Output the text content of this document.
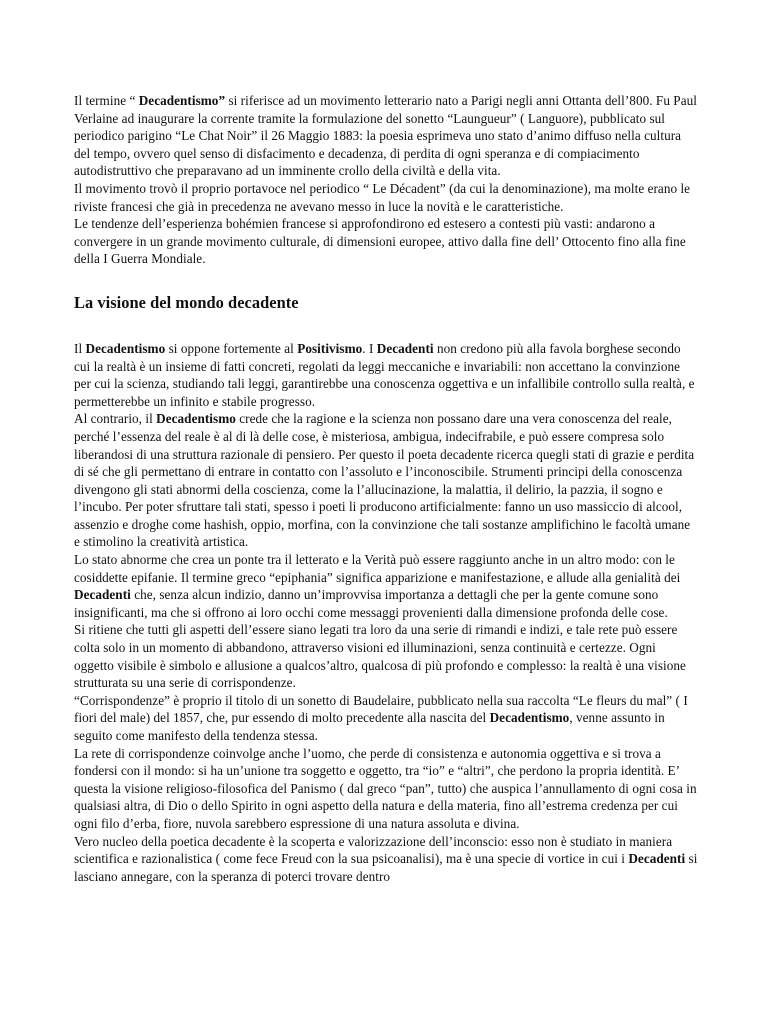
Il termine “ Decadentismo” si riferisce ad un movimento letterario nato a Parigi negli anni Ottanta dell’800. Fu Paul Verlaine ad inaugurare la corrente tramite la formulazione del sonetto “Laungueur” ( Languore), pubblicato sul periodico parigino “Le Chat Noir” il 26 Maggio 1883: la poesia esprimeva uno stato d’animo diffuso nella cultura del tempo, ovvero quel senso di disfacimento e decadenza, di perdita di ogni speranza e di compiacimento autodistruttivo che preparavano ad un imminente crollo della civiltà e della vita.

Il movimento trovò il proprio portavoce nel periodico “ Le Décadent” (da cui la denominazione), ma molte erano le riviste francesi che già in precedenza ne avevano messo in luce la novità e le caratteristiche.

Le tendenze dell’esperienza bohémien francese si approfondirono ed estesero a contesti più vasti: andarono a convergere in un grande movimento culturale, di dimensioni europee, attivo dalla fine dell’ Ottocento fino alla fine della I Guerra Mondiale.

La visione del mondo decadente

Il Decadentismo si oppone fortemente al Positivismo. I Decadenti non credono più alla favola borghese secondo cui la realtà è un insieme di fatti concreti, regolati da leggi meccaniche e invariabili: non accettano la convinzione per cui la scienza, studiando tali leggi, garantirebbe una conoscenza oggettiva e un infallibile controllo sulla realtà, e permetterebbe un infinito e stabile progresso.

Al contrario, il Decadentismo crede che la ragione e la scienza non possano dare una vera conoscenza del reale, perché l’essenza del reale è al di là delle cose, è misteriosa, ambigua, indecifrabile, e può essere compresa solo liberandosi di una struttura razionale di pensiero. Per questo il poeta decadente ricerca quegli stati di grazie e perdita di sé che gli permettano di entrare in contatto con l’assoluto e l’inconoscibile. Strumenti principi della conoscenza divengono gli stati abnormi della coscienza, come la l’allucinazione, la malattia, il delirio, la pazzia, il sogno e l’incubo. Per poter sfruttare tali stati, spesso i poeti li producono artificialmente: fanno un uso massiccio di alcool, assenzio e droghe come hashish, oppio, morfina, con la convinzione che tali sostanze amplifichino le facoltà umane e stimolino la creatività artistica.

Lo stato abnorme che crea un ponte tra il letterato e la Verità può essere raggiunto anche in un altro modo: con le cosiddette epifanie. Il termine greco “epiphania” significa apparizione e manifestazione, e allude alla genialità dei Decadenti che, senza alcun indizio, danno un’improvvisa importanza a dettagli che per la gente comune sono insignificanti, ma che si offrono ai loro occhi come messaggi provenienti dalla dimensione profonda delle cose.

Si ritiene che tutti gli aspetti dell’essere siano legati tra loro da una serie di rimandi e indizi, e tale rete può essere colta solo in un momento di abbandono, attraverso visioni ed illuminazioni, senza continuità e certezze. Ogni oggetto visibile è simbolo e allusione a qualcos’altro, qualcosa di più profondo e complesso: la realtà è una visione strutturata su una serie di corrispondenze.

“Corrispondenze” è proprio il titolo di un sonetto di Baudelaire, pubblicato nella sua raccolta “Le fleurs du mal” ( I fiori del male) del 1857, che, pur essendo di molto precedente alla nascita del Decadentismo, venne assunto in seguito come manifesto della tendenza stessa.

La rete di corrispondenze coinvolge anche l’uomo, che perde di consistenza e autonomia oggettiva e si trova a fondersi con il mondo: si ha un’unione tra soggetto e oggetto, tra “io” e “altri”, che perdono la propria identità. E’ questa la visione religioso-filosofica del Panismo ( dal greco “pan”, tutto) che auspica l’annullamento di ogni cosa in qualsiasi altra, di Dio o dello Spirito in ogni aspetto della natura e della materia, fino all’estrema credenza per cui ogni filo d’erba, fiore, nuvola sarebbero espressione di una natura assoluta e divina.

Vero nucleo della poetica decadente è la scoperta e valorizzazione dell’inconscio: esso non è studiato in maniera scientifica e razionalistica ( come fece Freud con la sua psicoanalisi), ma è una specie di vortice in cui i Decadenti si lasciano annegare, con la speranza di poterci trovare dentro
